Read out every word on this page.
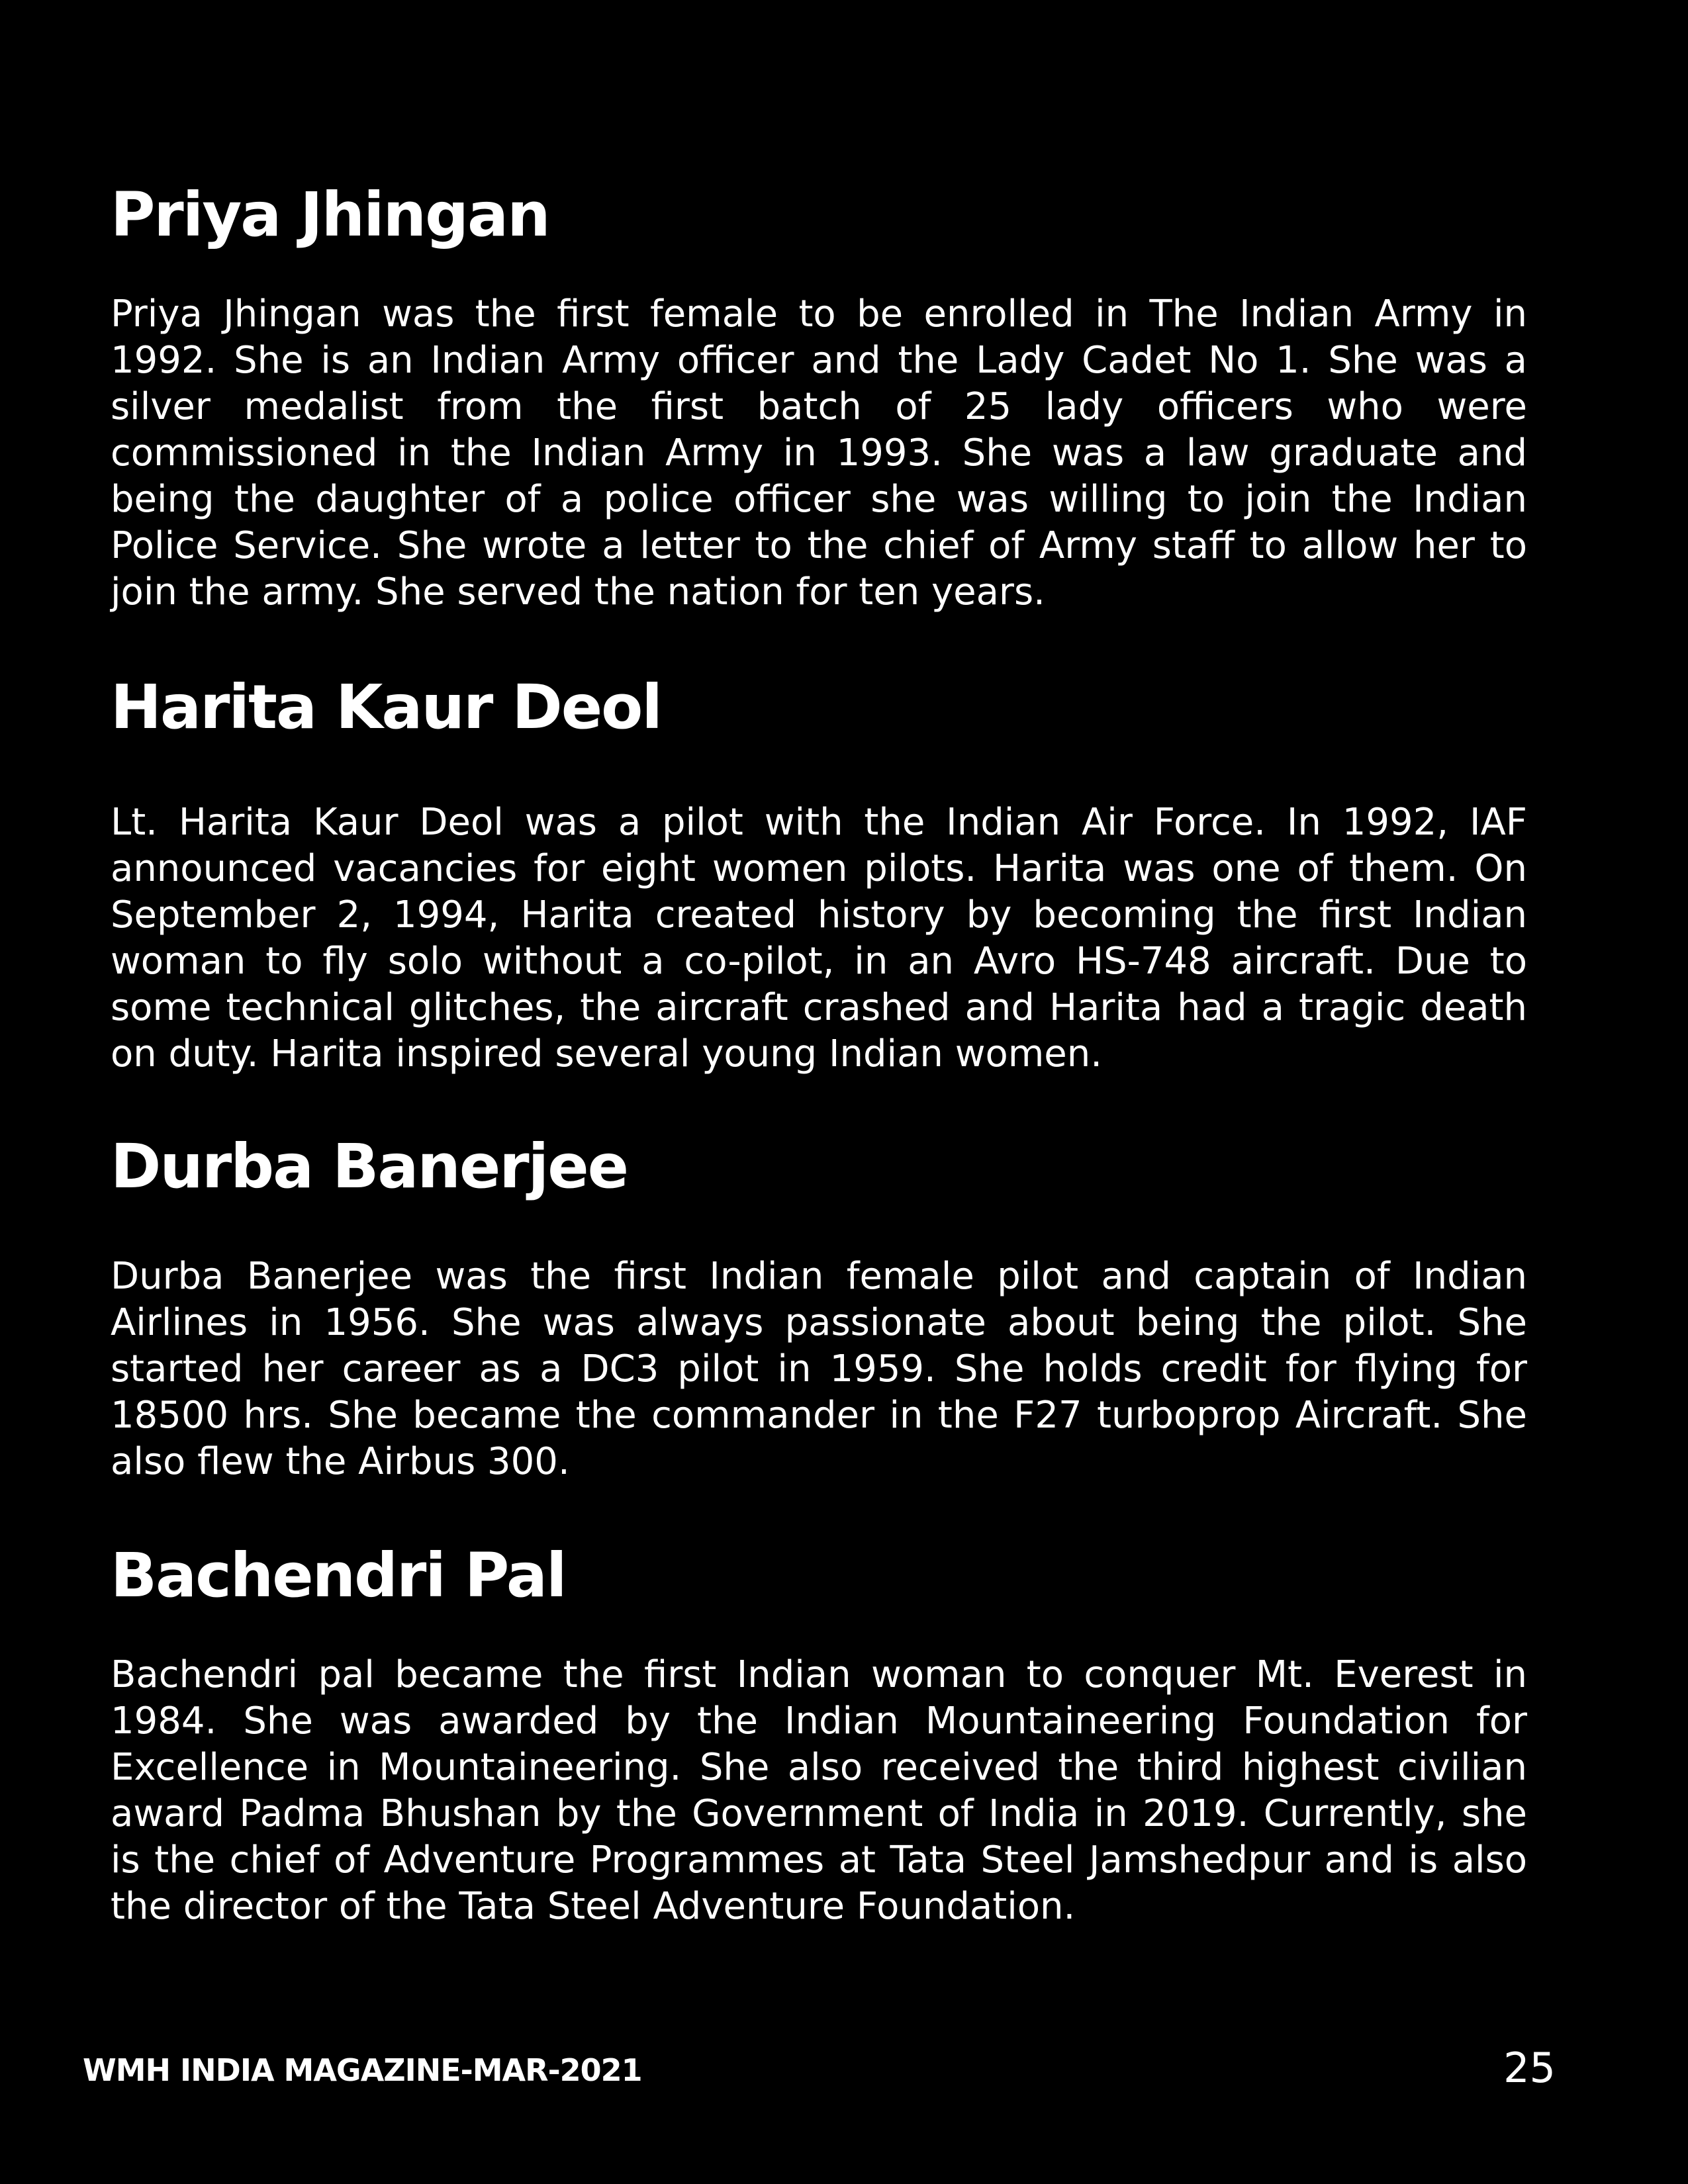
Priya Jhingan

Priya Jhingan was the first female to be enrolled in The Indian Army in 1992. She is an Indian Army officer and the Lady Cadet No 1. She was a silver medalist from the first batch of 25 lady officers who were commissioned in the Indian Army in 1993. She was a law graduate and being the daughter of a police officer she was willing to join the Indian Police Service. She wrote a letter to the chief of Army staff to allow her to join the army. She served the nation for ten years.

Harita Kaur Deol

Lt. Harita Kaur Deol was a pilot with the Indian Air Force. In 1992, IAF announced vacancies for eight women pilots. Harita was one of them. On September 2, 1994, Harita created history by becoming the first Indian woman to fly solo without a co-pilot, in an Avro HS-748 aircraft. Due to some technical glitches, the aircraft crashed and Harita had a tragic death on duty. Harita inspired several young Indian women.

Durba Banerjee

Durba Banerjee was the first Indian female pilot and captain of Indian Airlines in 1956. She was always passionate about being the pilot. She started her career as a DC3 pilot in 1959. She holds credit for flying for 18500 hrs. She became the commander in the F27 turboprop Aircraft. She also flew the Airbus 300.

Bachendri Pal

Bachendri pal became the first Indian woman to conquer Mt. Everest in 1984. She was awarded by the Indian Mountaineering Foundation for Excellence in Mountaineering. She also received the third highest civilian award Padma Bhushan by the Government of India in 2019. Currently, she is the chief of Adventure Programmes at Tata Steel Jamshedpur and is also the director of the Tata Steel Adventure Foundation.

WMH INDIA MAGAZINE-MAR-2021	25
